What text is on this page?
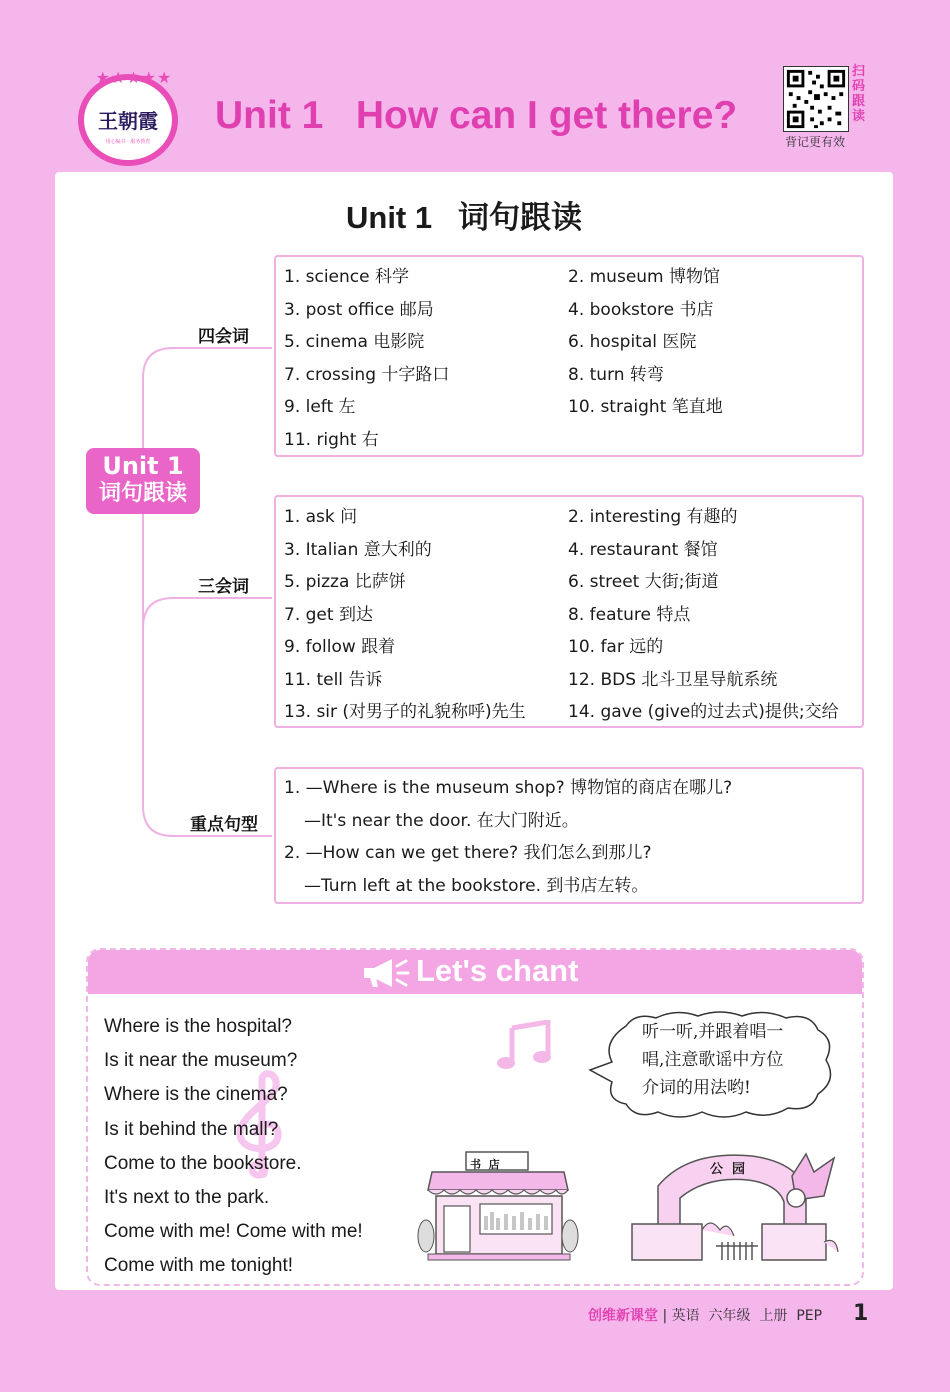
★★★★★
王朝霞
用心编书 · 服务教育
Unit 1   How can I get there?
扫码跟读
背记更有效
Unit 1   词句跟读
Unit 1
词句跟读
四会词
三会词
重点句型
1. science 科学	2. museum 博物馆
3. post office 邮局	4. bookstore 书店
5. cinema 电影院	6. hospital 医院
7. crossing 十字路口	8. turn 转弯
9. left 左	10. straight 笔直地
11. right 右
1. ask 问	2. interesting 有趣的
3. Italian 意大利的	4. restaurant 餐馆
5. pizza 比萨饼	6. street 大街;街道
7. get 到达	8. feature 特点
9. follow 跟着	10. far 远的
11. tell 告诉	12. BDS 北斗卫星导航系统
13. sir (对男子的礼貌称呼)先生	14. gave (give的过去式)提供;交给
1. —Where is the museum shop? 博物馆的商店在哪儿?
—It's near the door. 在大门附近。
2. —How can we get there? 我们怎么到那儿?
—Turn left at the bookstore. 到书店左转。
Let's chant
Where is the hospital?
Is it near the museum?
Where is the cinema?
Is it behind the mall?
Come to the bookstore.
It's next to the park.
Come with me! Come with me!
Come with me tonight!
听一听,并跟着唱一
唱,注意歌谣中方位
介词的用法哟!
书  店	公  园
创维新课堂 | 英语  六年级  上册  PEP 1
